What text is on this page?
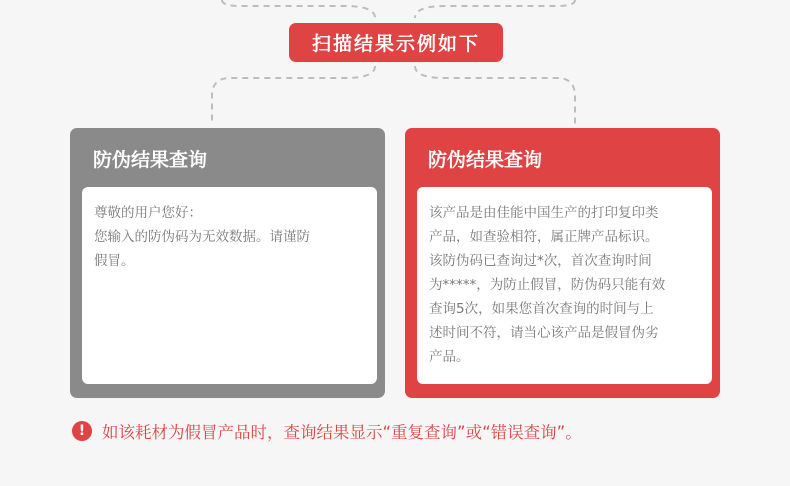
扫描结果示例如下
防伪结果查询
尊敬的用户您好：
您输入的防伪码为无效数据。请谨防
假冒。
防伪结果查询
该产品是由佳能中国生产的打印复印类
产品，如查验相符，属正牌产品标识。
该防伪码已查询过*次，首次查询时间
为*****，为防止假冒，防伪码只能有效
查询5次，如果您首次查询的时间与上
述时间不符，请当心该产品是假冒伪劣
产品。
!	如该耗材为假冒产品时，查询结果显示“重复查询”或“错误查询”。
